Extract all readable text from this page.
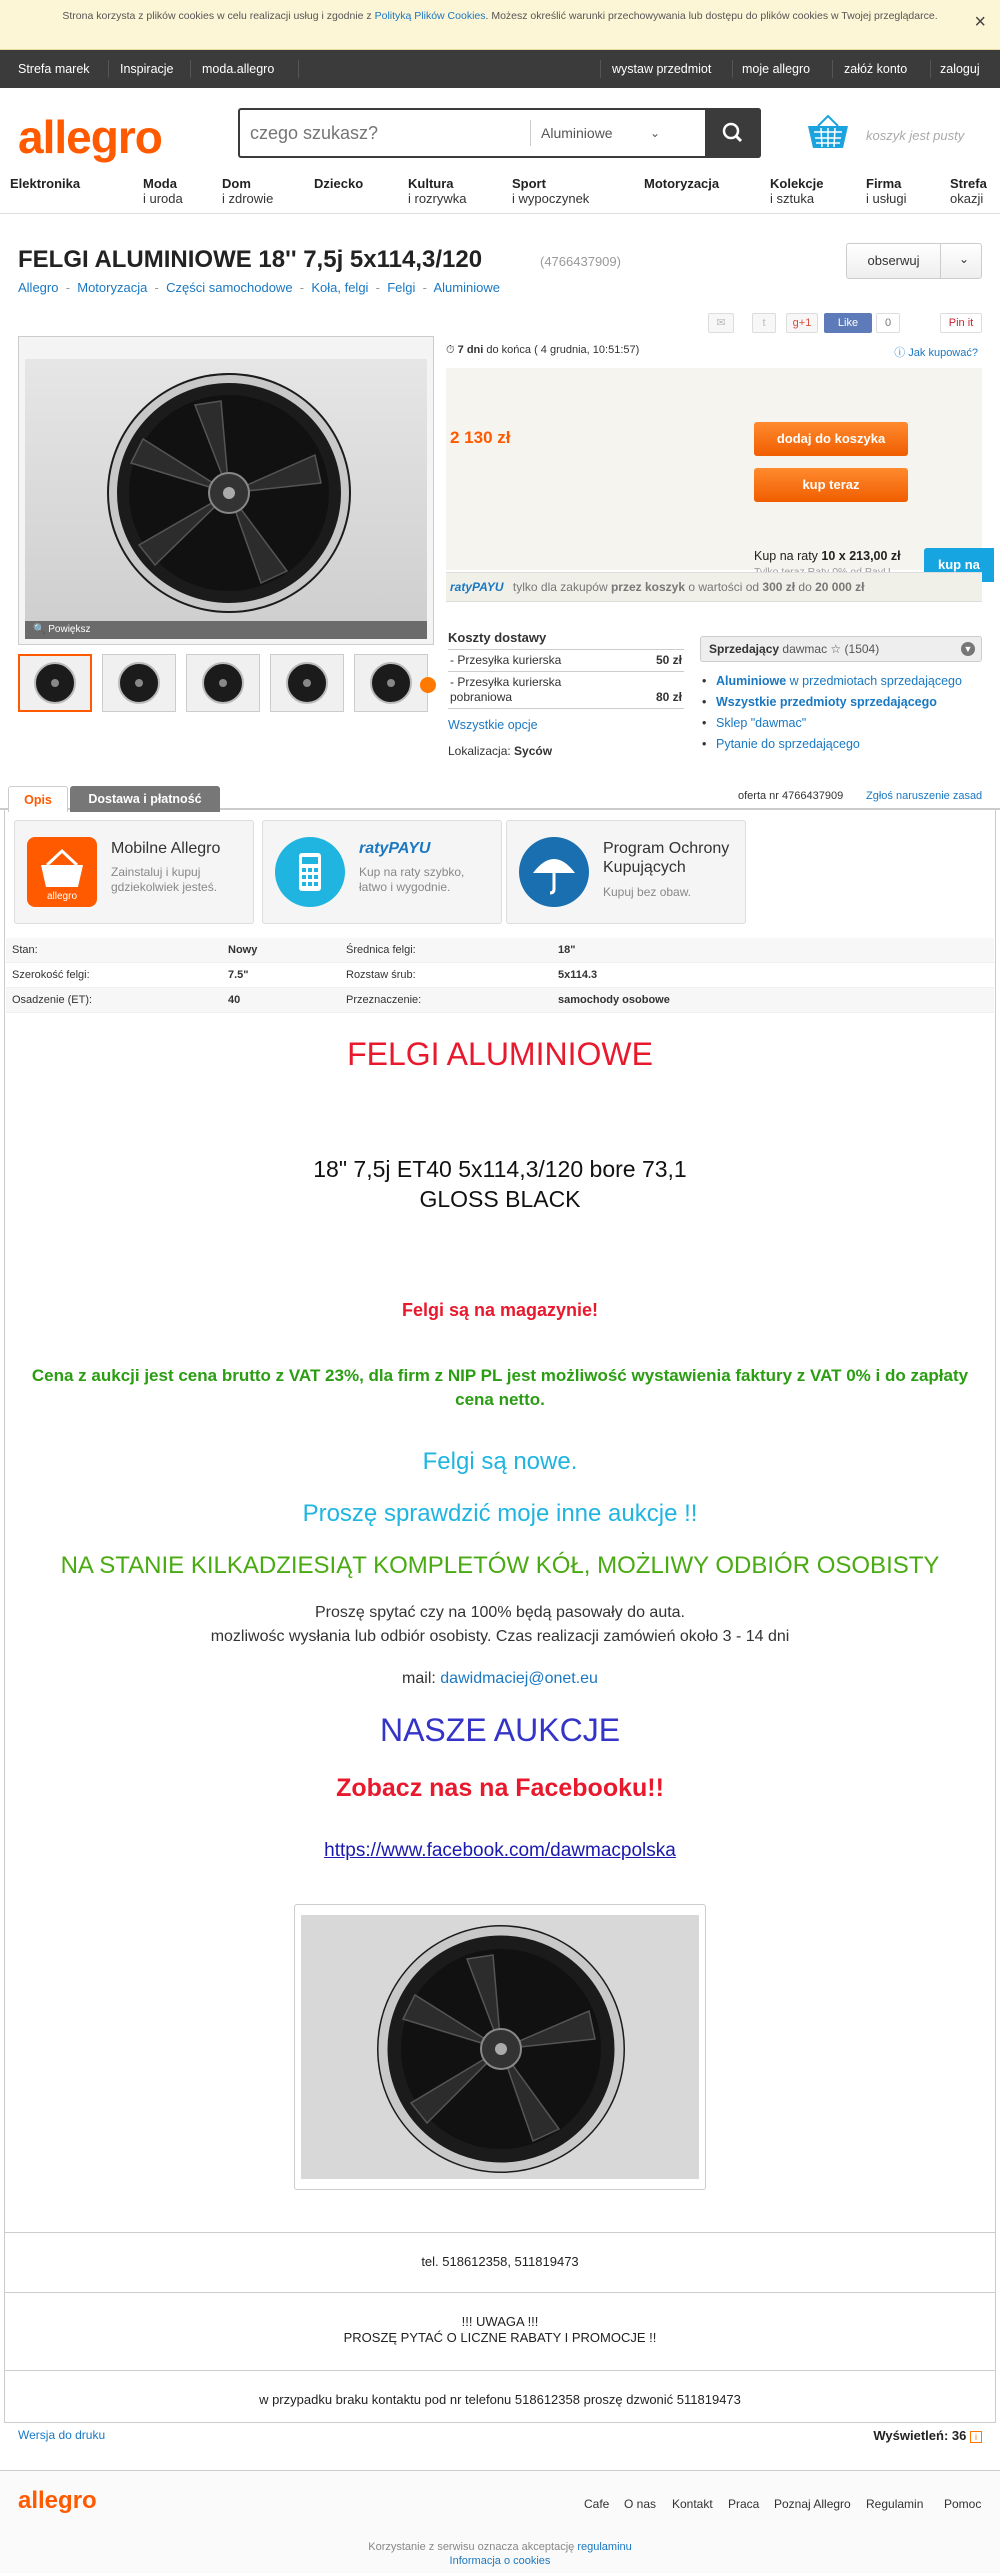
Strona korzysta z plików cookies w celu realizacji usług i zgodnie z Polityką Plików Cookies. Możesz określić warunki przechowywania lub dostępu do plików cookies w Twojej przeglądarce. ×
Strefa marek	Inspiracje	moda.allegro	wystaw przedmiot	moje allegro	załóż konto	zaloguj
allegro
czego szukasz?	Aluminiowe	⌄	koszyk jest pusty
Elektronika	Moda
i uroda
Dom
i zdrowie
Dziecko	Kultura
i rozrywka
Sport
i wypoczynek
Motoryzacja	Kolekcje
i sztuka
Firma
i usługi
Strefa
okazji
FELGI ALUMINIOWE 18'' 7,5j 5x114,3/120	(4766437909)	obserwuj	⌄
Allegro  -  Motoryzacja  -  Części samochodowe  -  Koła, felgi  -  Felgi  -  Aluminiowe
✉	t	g+1	Like	0	Pin it
🔍 Powiększ
⏱ 7 dni do końca ( 4 grudnia, 10:51:57)	ⓘ Jak kupować?
2 130 zł	dodaj do koszyka
kup teraz
Kup na raty 10 x 213,00 zł
kup na
ratyPAYU tylko dla zakupów przez koszyk o wartości od 300 zł do 20 000 zł
Koszty dostawy
- Przesyłka kurierska	50 zł
- Przesyłka kurierska pobraniowa	80 zł
Wszystkie opcje
Lokalizacja: Syców
Sprzedający dawmac ☆ (1504)	▼
• Aluminiowe w przedmiotach sprzedającego
• Wszystkie przedmioty sprzedającego
• Sklep "dawmac"
• Pytanie do sprzedającego
Opis	Dostawa i płatność	oferta nr 4766437909 Zgłoś naruszenie zasad
allegro
Mobilne Allegro
Zainstaluj i kupuj gdziekolwiek jesteś.
ratyPAYU
Kup na raty szybko, łatwo i wygodnie.
Program Ochrony Kupujących
Kupuj bez obaw.
Stan:	Nowy	Średnica felgi:	18"
Szerokość felgi:	7.5"	Rozstaw śrub:	5x114.3
Osadzenie (ET):	40	Przeznaczenie:	samochody osobowe
FELGI ALUMINIOWE
18" 7,5j ET40 5x114,3/120 bore 73,1
GLOSS BLACK
Felgi są na magazynie!
Cena z aukcji jest cena brutto z VAT 23%, dla firm z NIP PL jest możliwość wystawienia faktury z VAT 0% i do zapłaty cena netto.
Felgi są nowe.
Proszę sprawdzić moje inne aukcje !!
NA STANIE KILKADZIESIĄT KOMPLETÓW KÓŁ, MOŻLIWY ODBIÓR OSOBISTY
Proszę spytać czy na 100% będą pasowały do auta.
mozliwośc wysłania lub odbiór osobisty. Czas realizacji zamówień około 3 - 14 dni
mail: dawidmaciej@onet.eu
NASZE AUKCJE
Zobacz nas na Facebooku!!
https://www.facebook.com/dawmacpolska
tel. 518612358, 511819473
!!! UWAGA !!!
PROSZĘ PYTAĆ O LICZNE RABATY I PROMOCJE !!
w przypadku braku kontaktu pod nr telefonu 518612358 proszę dzwonić 511819473
Wersja do druku	Wyświetleń: 36 i
allegro	Cafe O nas Kontakt Praca Poznaj Allegro Regulamin Pomoc
Korzystanie z serwisu oznacza akceptację regulaminu
Informacja o cookies
